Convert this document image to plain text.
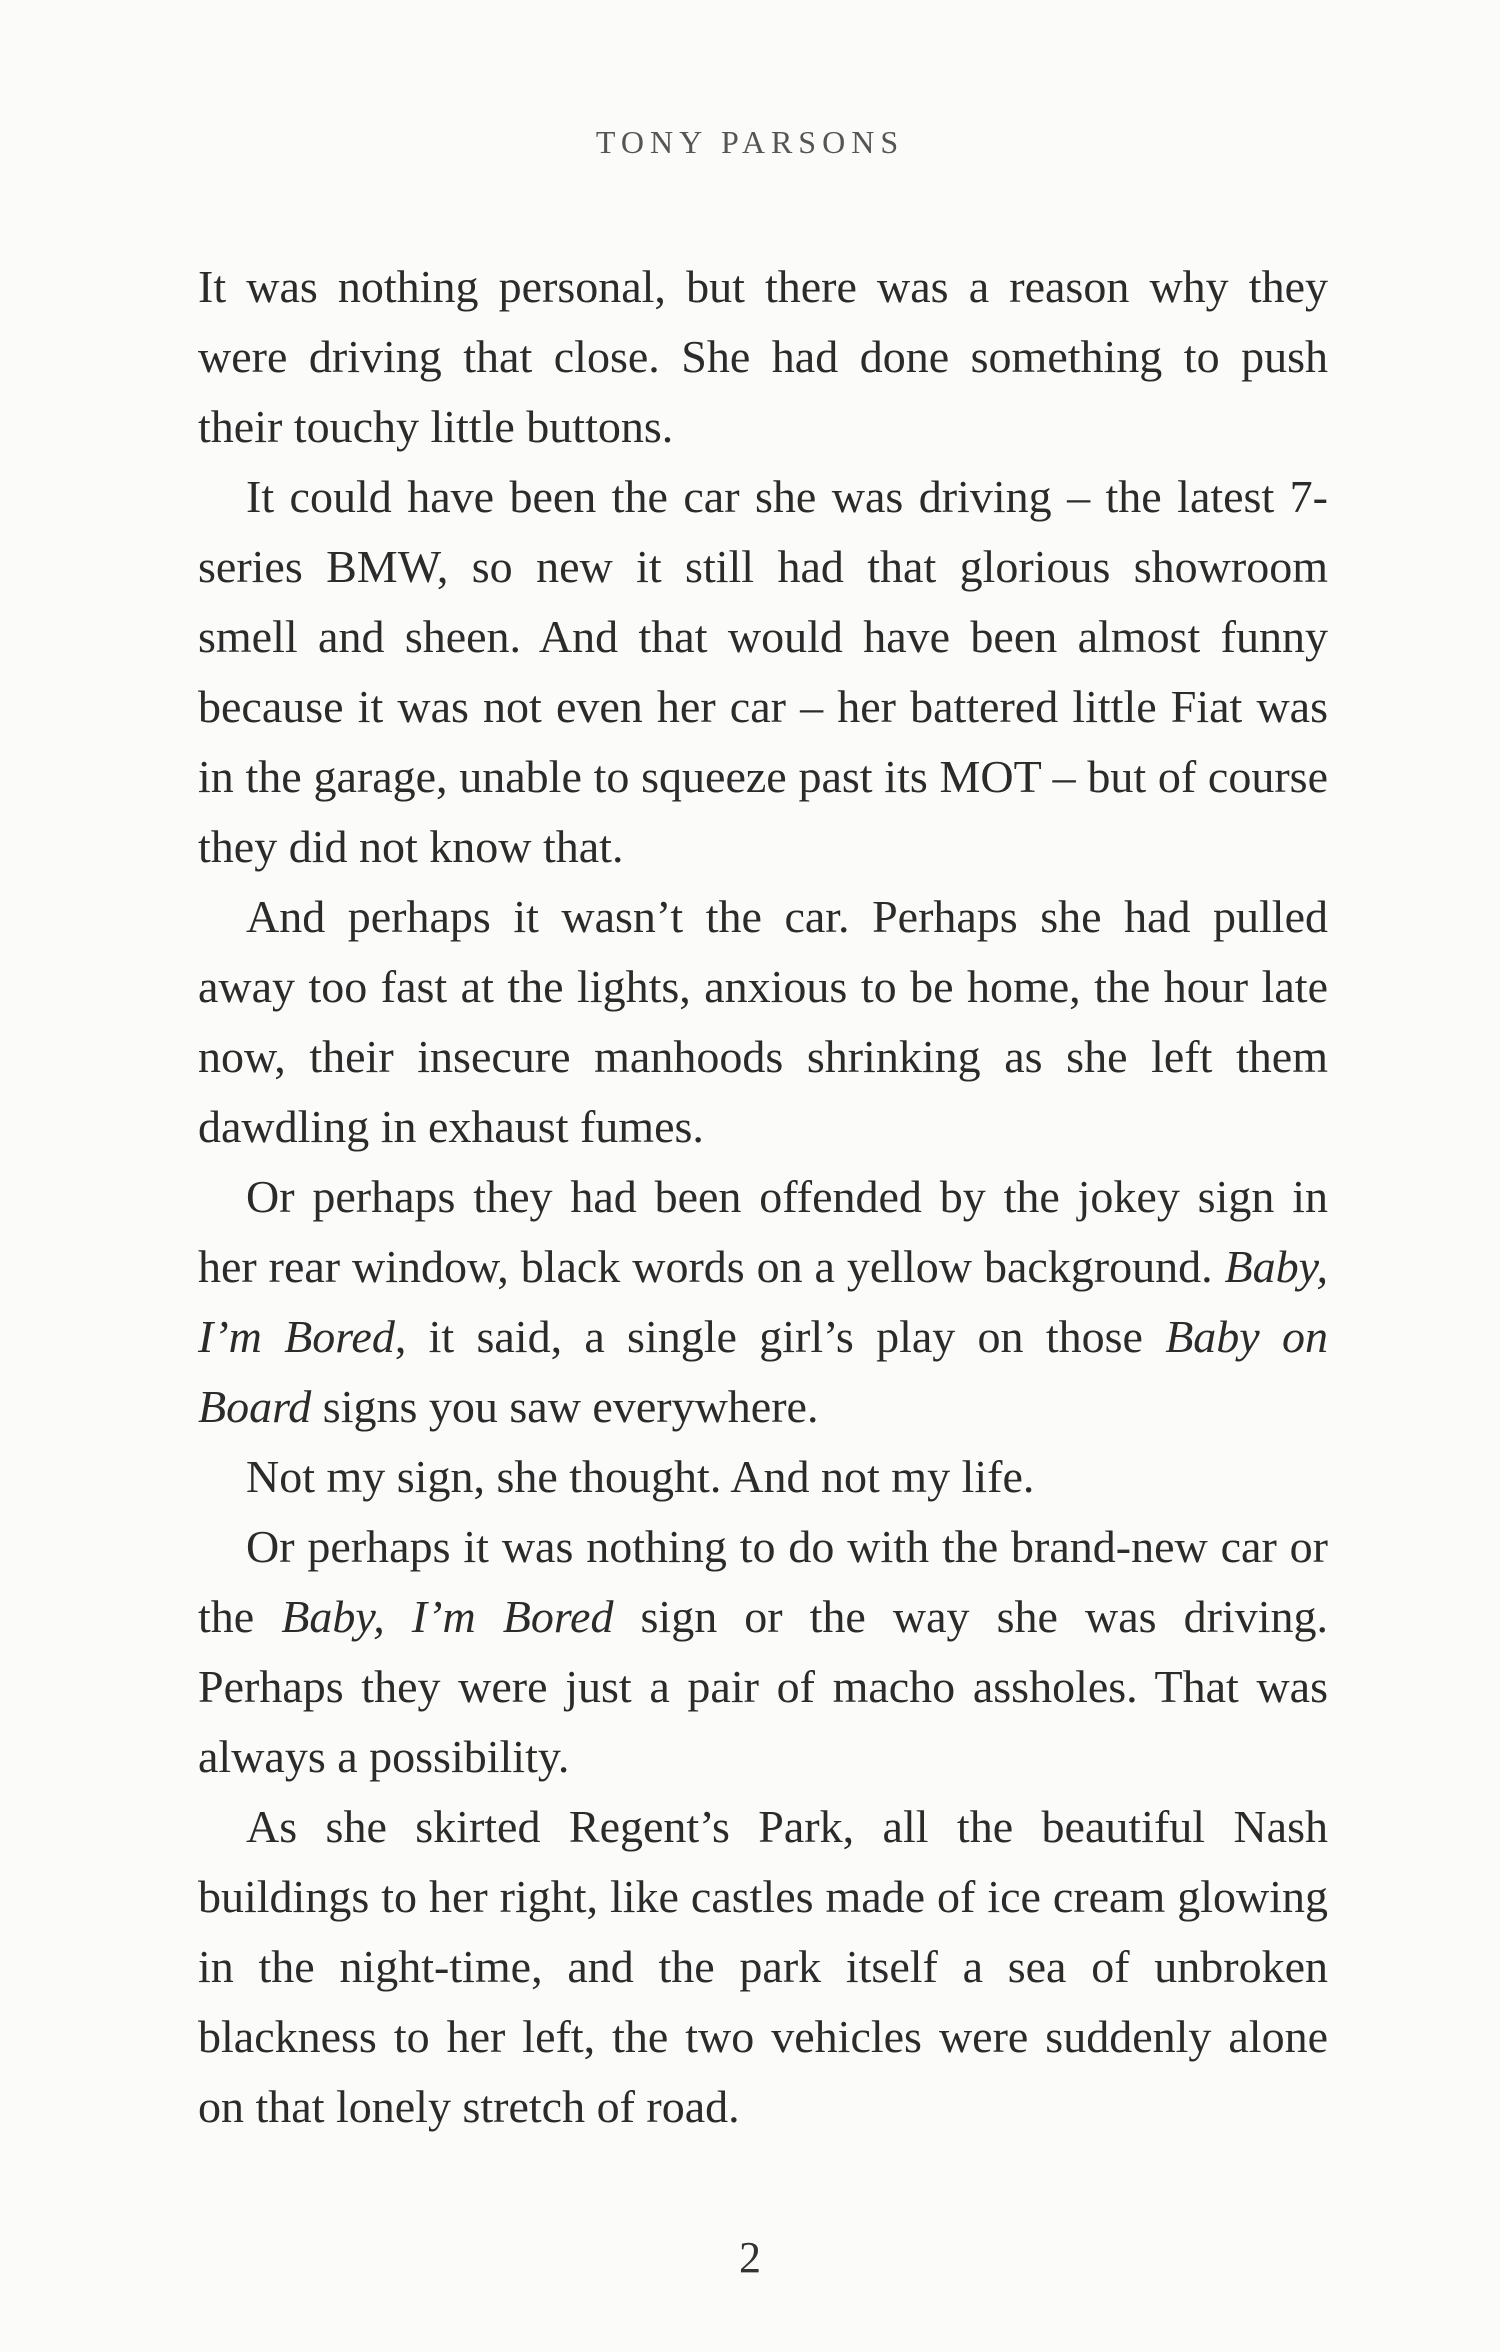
TONY PARSONS

It was nothing personal, but there was a reason why they were driving that close. She had done something to push their touchy little buttons.

It could have been the car she was driving – the latest 7-series BMW, so new it still had that glorious showroom smell and sheen. And that would have been almost funny because it was not even her car – her battered little Fiat was in the garage, unable to squeeze past its MOT – but of course they did not know that.

And perhaps it wasn’t the car. Perhaps she had pulled away too fast at the lights, anxious to be home, the hour late now, their insecure manhoods shrinking as she left them dawdling in exhaust fumes.

Or perhaps they had been offended by the jokey sign in her rear window, black words on a yellow background. Baby, I’m Bored, it said, a single girl’s play on those Baby on Board signs you saw everywhere.

Not my sign, she thought. And not my life.

Or perhaps it was nothing to do with the brand-new car or the Baby, I’m Bored sign or the way she was driving. Perhaps they were just a pair of macho assholes. That was always a possibility.

As she skirted Regent’s Park, all the beautiful Nash buildings to her right, like castles made of ice cream glowing in the night-time, and the park itself a sea of unbroken blackness to her left, the two vehicles were suddenly alone on that lonely stretch of road.

2
